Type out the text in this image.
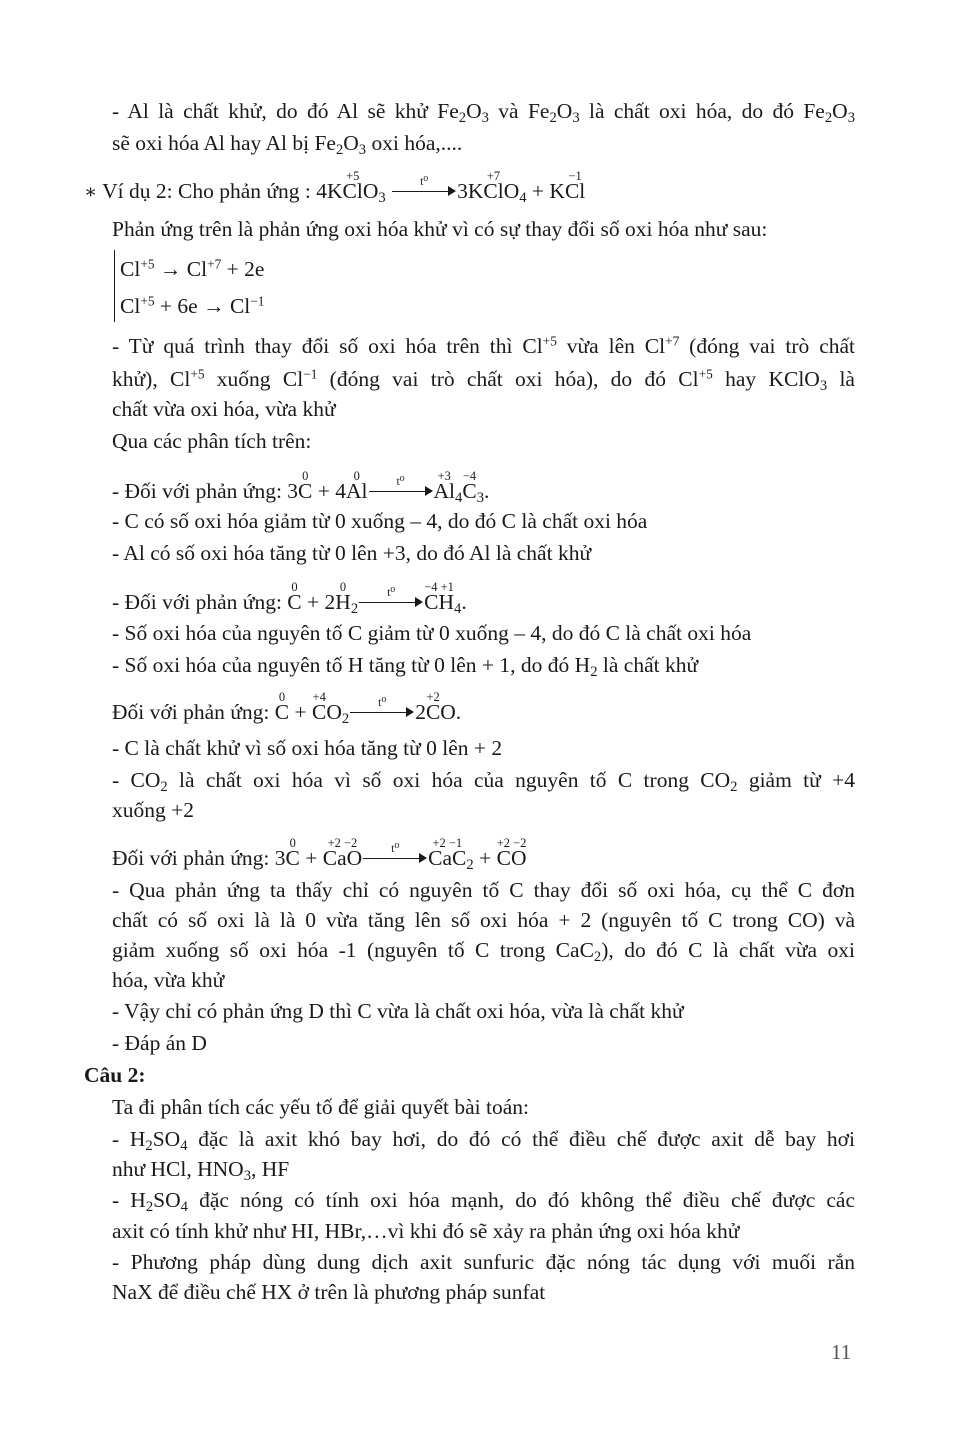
- Al là chất khử, do đó Al sẽ khử $Fe_2O_3$ và $Fe_2O_3$ là chất oxi hóa, do đó $Fe_2O_3$
sẽ oxi hóa Al hay Al bị $Fe_2O_3$ oxi hóa,....
∗ Ví dụ 2: Cho phản ứng : 4K
+5
ClO$_3$
t⁰ 3K
+7
ClO$_4$ + K
−1
Cl
Phản ứng trên là phản ứng oxi hóa khử vì có sự thay đổi số oxi hóa như sau:
$Cl^{+5} \to Cl^{+7} + 2e$
$Cl^{+5} + 6e \to Cl^{-1}$
- Từ quá trình thay đổi số oxi hóa trên thì $Cl^{+5}$ vừa lên $Cl^{+7}$ (đóng vai trò chất
khử), $Cl^{+5}$ xuống $Cl^{-1}$ (đóng vai trò chất oxi hóa), do đó $Cl^{+5}$ hay KClO$_3$ là
chất vừa oxi hóa, vừa khử
Qua các phân tích trên:
- Đối với phản ứng: 3
0
C + 4
0
Al t⁰	+3
$Al_4$
−4
$C_3$.
- C có số oxi hóa giảm từ 0 xuống – 4, do đó C là chất oxi hóa
- Al có số oxi hóa tăng từ 0 lên +3, do đó Al là chất khử
- Đối với phản ứng:
0
C + 2
0
$H_2$
t⁰ −4 +1
$CH_4$.
- Số oxi hóa của nguyên tố C giảm từ 0 xuống – 4, do đó C là chất oxi hóa
- Số oxi hóa của nguyên tố H tăng từ 0 lên + 1, do đó $H_2$ là chất khử
Đối với phản ứng:
0
C +
+4
$CO_2$
t⁰ 2
+2
CO.
- C là chất khử vì số oxi hóa tăng từ 0 lên + 2
- $CO_2$ là chất oxi hóa vì số oxi hóa của nguyên tố C trong $CO_2$ giảm từ +4
xuống +2
Đối với phản ứng: 3
0
C +
+2 −2
CaO t⁰	+2 −1
CaC$_2$ +
+2 −2
CO
- Qua phản ứng ta thấy chỉ có nguyên tố C thay đổi số oxi hóa, cụ thể C đơn
chất có số oxi là là 0 vừa tăng lên số oxi hóa + 2 (nguyên tố C trong CO) và
giảm xuống số oxi hóa -1 (nguyên tố C trong CaC$_2$), do đó C là chất vừa oxi
hóa, vừa khử
- Vậy chỉ có phản ứng D thì C vừa là chất oxi hóa, vừa là chất khử
- Đáp án D
Câu 2:
Ta đi phân tích các yếu tố để giải quyết bài toán:
- $H_2SO_4$ đặc là axit khó bay hơi, do đó có thể điều chế được axit dễ bay hơi
như HCl, $HNO_3$, HF
- $H_2SO_4$ đặc nóng có tính oxi hóa mạnh, do đó không thể điều chế được các
axit có tính khử như HI, HBr,…vì khi đó sẽ xảy ra phản ứng oxi hóa khử
- Phương pháp dùng dung dịch axit sunfuric đặc nóng tác dụng với muối rắn
NaX để điều chế HX ở trên là phương pháp sunfat
11
